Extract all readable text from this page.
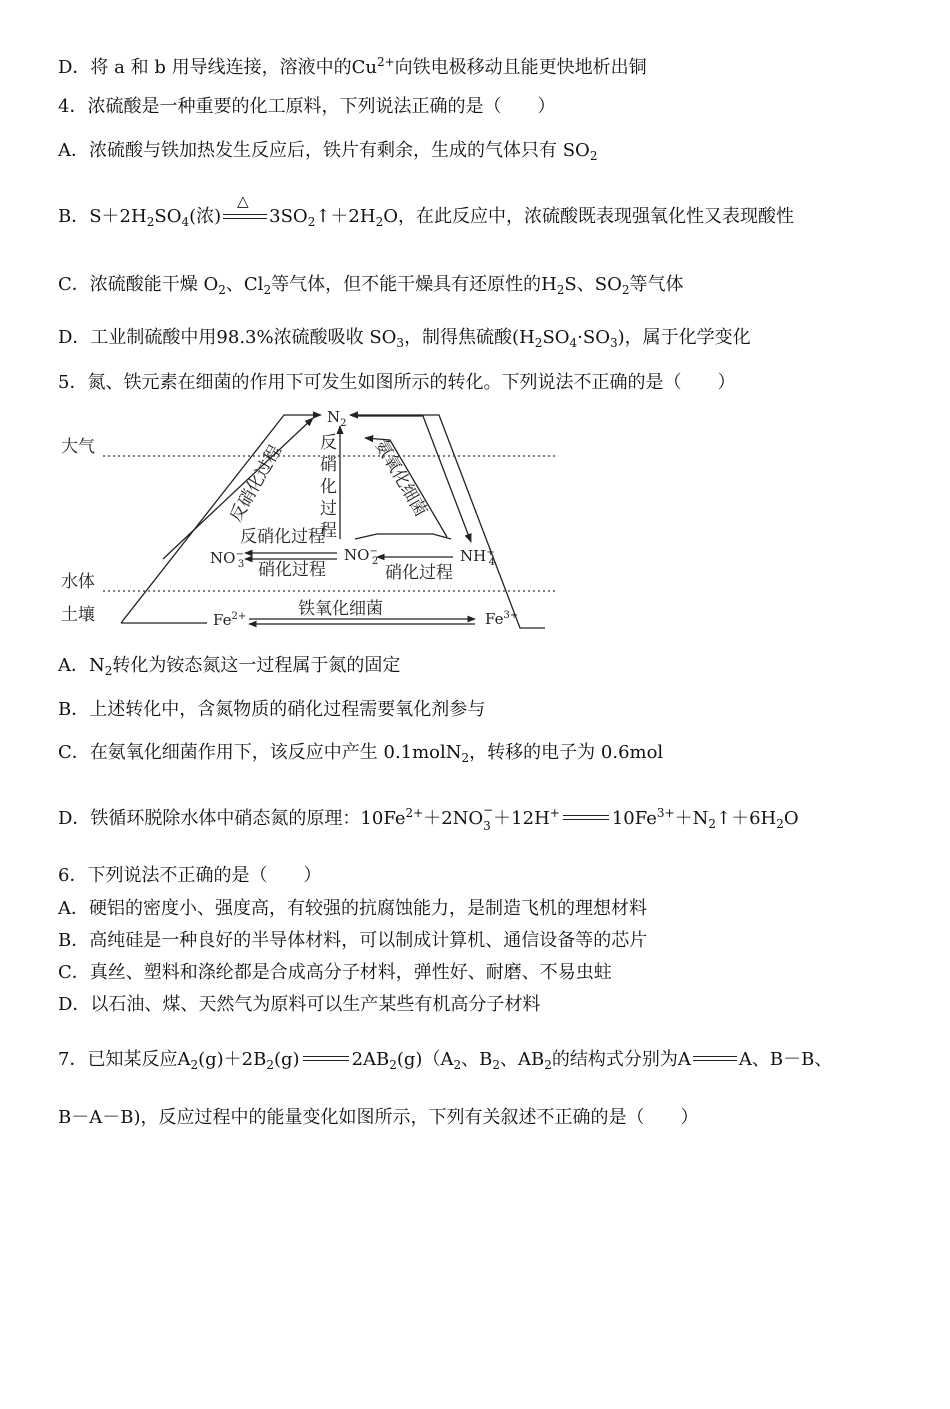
D．将 a 和 b 用导线连接，溶液中的$Cu^{2+}$向铁电极移动且能更快地析出铜
4．浓硫酸是一种重要的化工原料，下列说法正确的是（　　）
A．浓硫酸与铁加热发生反应后，铁片有剩余，生成的气体只有 $SO_2$
B．$S+2H_2SO_4$(浓)
△
$3SO_2↑+2H_2O$，在此反应中，浓硫酸既表现强氧化性又表现酸性
C．浓硫酸能干燥 $O_2$、$Cl_2$等气体，但不能干燥具有还原性的$H_2S$、$SO_2$等气体
D．工业制硫酸中用98.3%浓硫酸吸收 $SO_3$，制得焦硫酸$(H_2SO_4\cdot SO_3)$，属于化学变化
5．氮、铁元素在细菌的作用下可发生如图所示的转化。下列说法不正确的是（　　）
大气
水体
土壤
$N_2$
NO− 3
NO− 2	NH+ 4
$Fe^{2+}$	$Fe^{3+}$
反硝化过程 反
硝
化
过
程
氨氧化细菌
反硝化过程
硝化过程	硝化过程
铁氧化细菌
A．$N_2$转化为铵态氮这一过程属于氮的固定
B．上述转化中，含氮物质的硝化过程需要氧化剂参与
C．在氨氧化细菌作用下，该反应中产生 0.1molN$_2$，转移的电子为 0.6mol
D．铁循环脱除水体中硝态氮的原理：$10Fe^{2+}+2NO$ −
3 ＋12H+	$10Fe^{3+}+N_2↑+6H_2O$
6．下列说法不正确的是（　　）
A．硬铝的密度小、强度高，有较强的抗腐蚀能力，是制造飞机的理想材料
B．高纯硅是一种良好的半导体材料，可以制成计算机、通信设备等的芯片
C．真丝、塑料和涤纶都是合成高分子材料，弹性好、耐磨、不易虫蛀
D．以石油、煤、天然气为原料可以生产某些有机高分子材料
7．已知某反应$A_2(g)+2B_2(g)$	$2AB_2(g)(A_2$、$B_2$、$AB_2$的结构式分别为A	A、B－B、
B－A－B)，反应过程中的能量变化如图所示，下列有关叙述不正确的是（　　）
